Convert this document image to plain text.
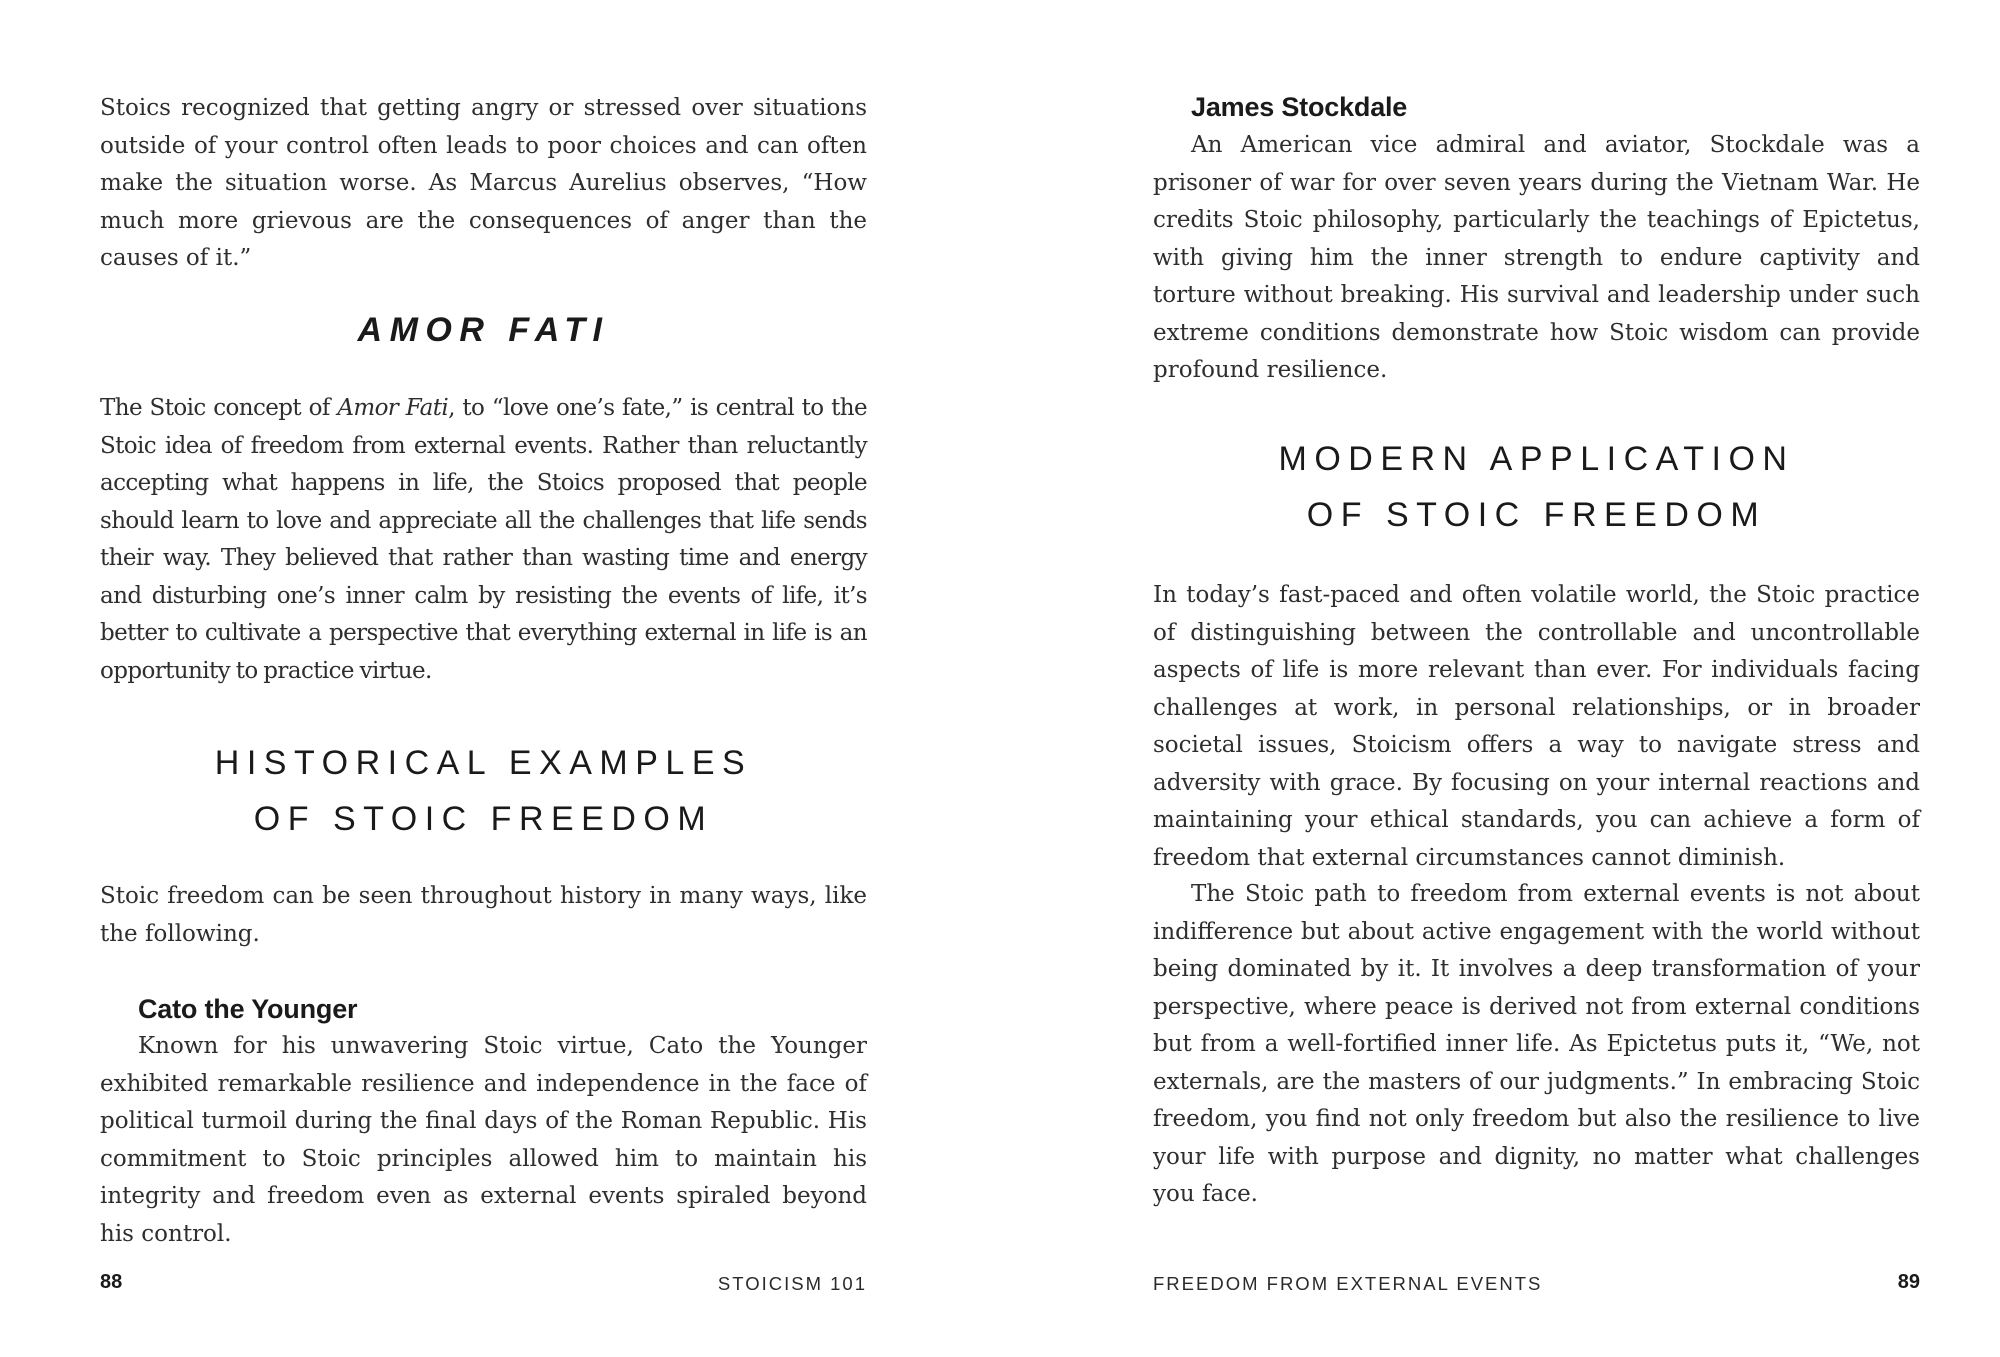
Stoics recognized that getting angry or stressed over situations outside of your control often leads to poor choices and can often make the situation worse. As Marcus Aurelius observes, “How much more grievous are the consequences of anger than the causes of it.”

AMOR FATI

The Stoic concept of Amor Fati, to “love one’s fate,” is central to the Stoic idea of freedom from external events. Rather than reluctantly accepting what happens in life, the Stoics proposed that people should learn to love and appreciate all the challenges that life sends their way. They believed that rather than wasting time and energy and disturbing one’s inner calm by resisting the events of life, it’s better to cultivate a perspective that everything external in life is an opportunity to practice virtue.

HISTORICAL EXAMPLES
OF STOIC FREEDOM

Stoic freedom can be seen throughout history in many ways, like the following.

Cato the Younger

Known for his unwavering Stoic virtue, Cato the Younger exhibited remarkable resilience and independence in the face of political turmoil during the final days of the Roman Republic. His commitment to Stoic principles allowed him to maintain his integrity and freedom even as external events spiraled beyond his control.

88	STOICISM 101
James Stockdale

An American vice admiral and aviator, Stockdale was a prisoner of war for over seven years during the Vietnam War. He credits Stoic philosophy, particularly the teachings of Epictetus, with giving him the inner strength to endure captivity and torture without breaking. His survival and leadership under such extreme conditions demonstrate how Stoic wisdom can provide profound resilience.

MODERN APPLICATION
OF STOIC FREEDOM

In today’s fast-paced and often volatile world, the Stoic practice of distinguishing between the controllable and uncontrollable aspects of life is more relevant than ever. For individuals facing challenges at work, in personal relationships, or in broader societal issues, Stoicism offers a way to navigate stress and adversity with grace. By focusing on your internal reactions and maintaining your ethical standards, you can achieve a form of freedom that external circumstances cannot diminish.

The Stoic path to freedom from external events is not about indifference but about active engagement with the world without being dominated by it. It involves a deep transformation of your perspective, where peace is derived not from external conditions but from a well-fortified inner life. As Epictetus puts it, “We, not externals, are the masters of our judgments.” In embracing Stoic freedom, you find not only freedom but also the resilience to live your life with purpose and dignity, no matter what challenges you face.

FREEDOM FROM EXTERNAL EVENTS	89
